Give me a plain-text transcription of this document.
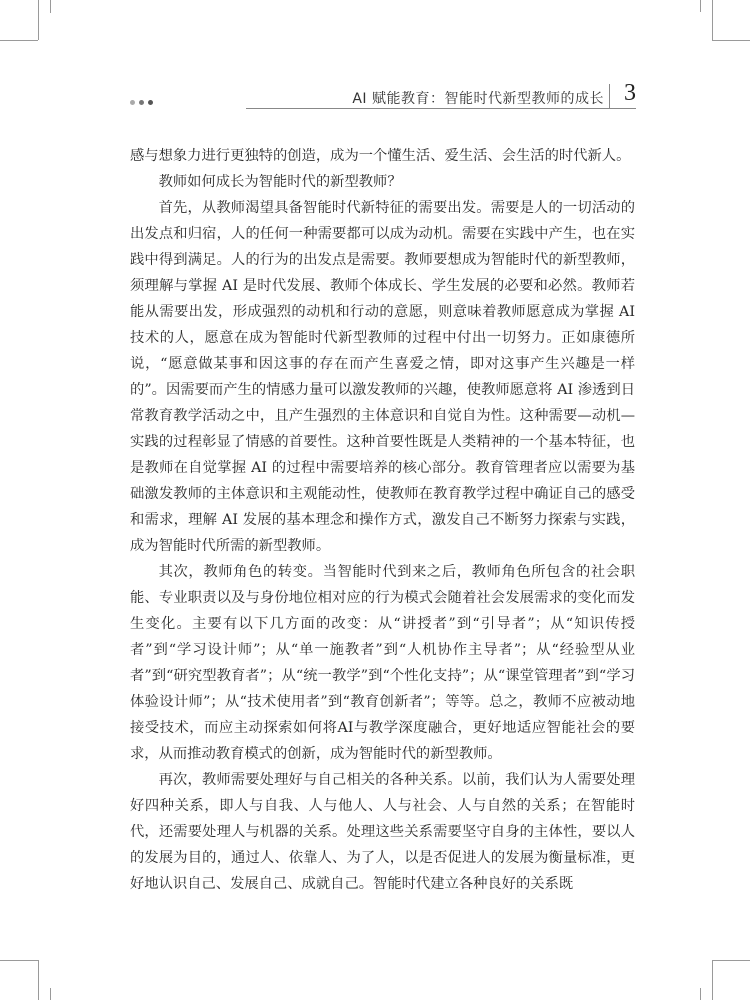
AI 赋能教育：智能时代新型教师的成长 3

感与想象力进行更独特的创造，成为一个懂生活、爱生活、会生活的时代新人。

教师如何成长为智能时代的新型教师？

首先，从教师渴望具备智能时代新特征的需要出发。需要是人的一切活动的出发点和归宿，人的任何一种需要都可以成为动机。需要在实践中产生，也在实践中得到满足。人的行为的出发点是需要。教师要想成为智能时代的新型教师，须理解与掌握 AI 是时代发展、教师个体成长、学生发展的必要和必然。教师若能从需要出发，形成强烈的动机和行动的意愿，则意味着教师愿意成为掌握 AI 技术的人，愿意在成为智能时代新型教师的过程中付出一切努力。正如康德所说，“愿意做某事和因这事的存在而产生喜爱之情，即对这事产生兴趣是一样的”。因需要而产生的情感力量可以激发教师的兴趣，使教师愿意将 AI 渗透到日常教育教学活动之中，且产生强烈的主体意识和自觉自为性。这种需要—动机—实践的过程彰显了情感的首要性。这种首要性既是人类精神的一个基本特征，也是教师在自觉掌握 AI 的过程中需要培养的核心部分。教育管理者应以需要为基础激发教师的主体意识和主观能动性，使教师在教育教学过程中确证自己的感受和需求，理解 AI 发展的基本理念和操作方式，激发自己不断努力探索与实践，成为智能时代所需的新型教师。

其次，教师角色的转变。当智能时代到来之后，教师角色所包含的社会职能、专业职责以及与身份地位相对应的行为模式会随着社会发展需求的变化而发生变化。主要有以下几方面的改变：从“讲授者”到“引导者”；从“知识传授者”到“学习设计师”；从“单一施教者”到“人机协作主导者”；从“经验型从业者”到“研究型教育者”；从“统一教学”到“个性化支持”；从“课堂管理者”到“学习体验设计师”；从“技术使用者”到“教育创新者”；等等。总之，教师不应被动地接受技术，而应主动探索如何将AI与教学深度融合，更好地适应智能社会的要求，从而推动教育模式的创新，成为智能时代的新型教师。

再次，教师需要处理好与自己相关的各种关系。以前，我们认为人需要处理好四种关系，即人与自我、人与他人、人与社会、人与自然的关系；在智能时代，还需要处理人与机器的关系。处理这些关系需要坚守自身的主体性，要以人的发展为目的，通过人、依靠人、为了人，以是否促进人的发展为衡量标准，更好地认识自己、发展自己、成就自己。智能时代建立各种良好的关系既
